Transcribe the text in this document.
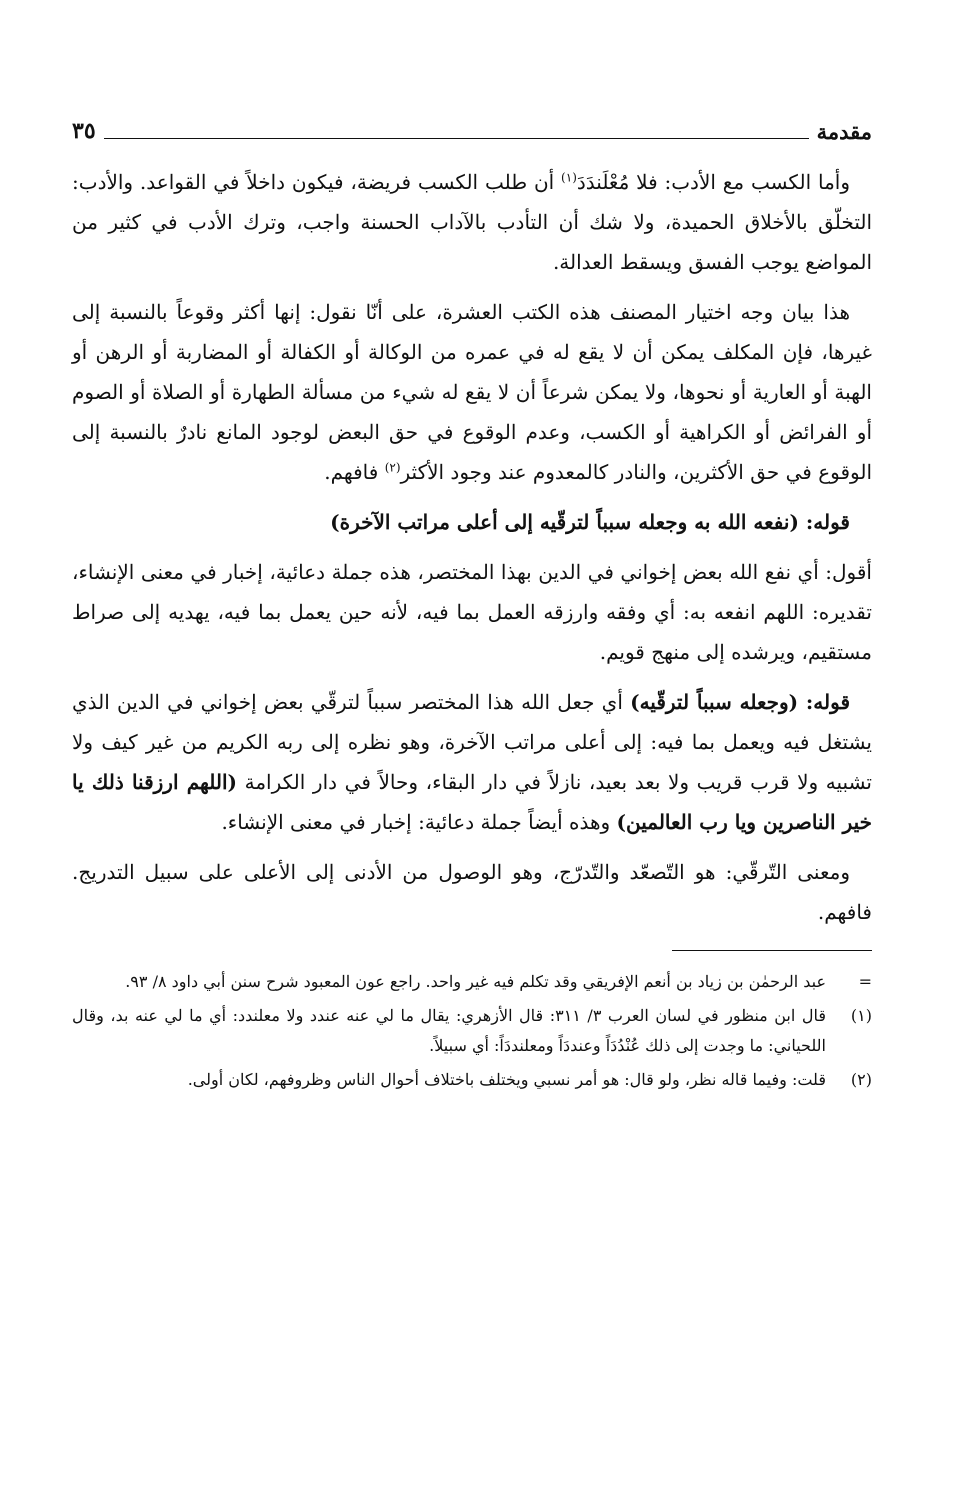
مقدمة
٣٥

وأما الكسب مع الأدب: فلا مُعْلَندَدَ$^{(١)}$ أن طلب الكسب فريضة، فيكون داخلاً في القواعد. والأدب: التخلّق بالأخلاق الحميدة، ولا شك أن التأدب بالآداب الحسنة واجب، وترك الأدب في كثير من المواضع يوجب الفسق ويسقط العدالة.

هذا بيان وجه اختيار المصنف هذه الكتب العشرة، على أنّا نقول: إنها أكثر وقوعاً بالنسبة إلى غيرها، فإن المكلف يمكن أن لا يقع له في عمره من الوكالة أو الكفالة أو المضاربة أو الرهن أو الهبة أو العارية أو نحوها، ولا يمكن شرعاً أن لا يقع له شيء من مسألة الطهارة أو الصلاة أو الصوم أو الفرائض أو الكراهية أو الكسب، وعدم الوقوع في حق البعض لوجود المانع نادرٌ بالنسبة إلى الوقوع في حق الأكثرين، والنادر كالمعدوم عند وجود الأكثر$^{(٢)}$ فافهم.

قوله: (نفعه الله به وجعله سبباً لترقّيه إلى أعلى مراتب الآخرة)

أقول: أي نفع الله بعض إخواني في الدين بهذا المختصر، هذه جملة دعائية، إخبار في معنى الإنشاء، تقديره: اللهم انفعه به: أي وفقه وارزقه العمل بما فيه، لأنه حين يعمل بما فيه، يهديه إلى صراط مستقيم، ويرشده إلى منهج قويم.

قوله: (وجعله سبباً لترقّيه) أي جعل الله هذا المختصر سبباً لترقّي بعض إخواني في الدين الذي يشتغل فيه ويعمل بما فيه: إلى أعلى مراتب الآخرة، وهو نظره إلى ربه الكريم من غير كيف ولا تشبيه ولا قرب قريب ولا بعد بعيد، نازلاً في دار البقاء، وحالاً في دار الكرامة (اللهم ارزقنا ذلك يا خير الناصرين ويا رب العالمين) وهذه أيضاً جملة دعائية: إخبار في معنى الإنشاء.

ومعنى التّرقّي: هو التّصعّد والتّدرّج، وهو الوصول من الأدنى إلى الأعلى على سبيل التدريج. فافهم.

=
عبد الرحمٰن بن زياد بن أنعم الإفريقي وقد تكلم فيه غير واحد. راجع عون المعبود شرح سنن أبي داود ٨/ ٩٣.
(١)
قال ابن منظور في لسان العرب ٣/ ٣١١: قال الأزهري: يقال ما لي عنه عندد ولا معلندد: أي ما لي عنه بد، وقال اللحياني: ما وجدت إلى ذلك عُنْدُدَاً وعنددَاً ومعلنددَاً: أي سبيلاً.
(٢)
قلت: وفيما قاله نظر، ولو قال: هو أمر نسبي ويختلف باختلاف أحوال الناس وظروفهم، لكان أولى.
